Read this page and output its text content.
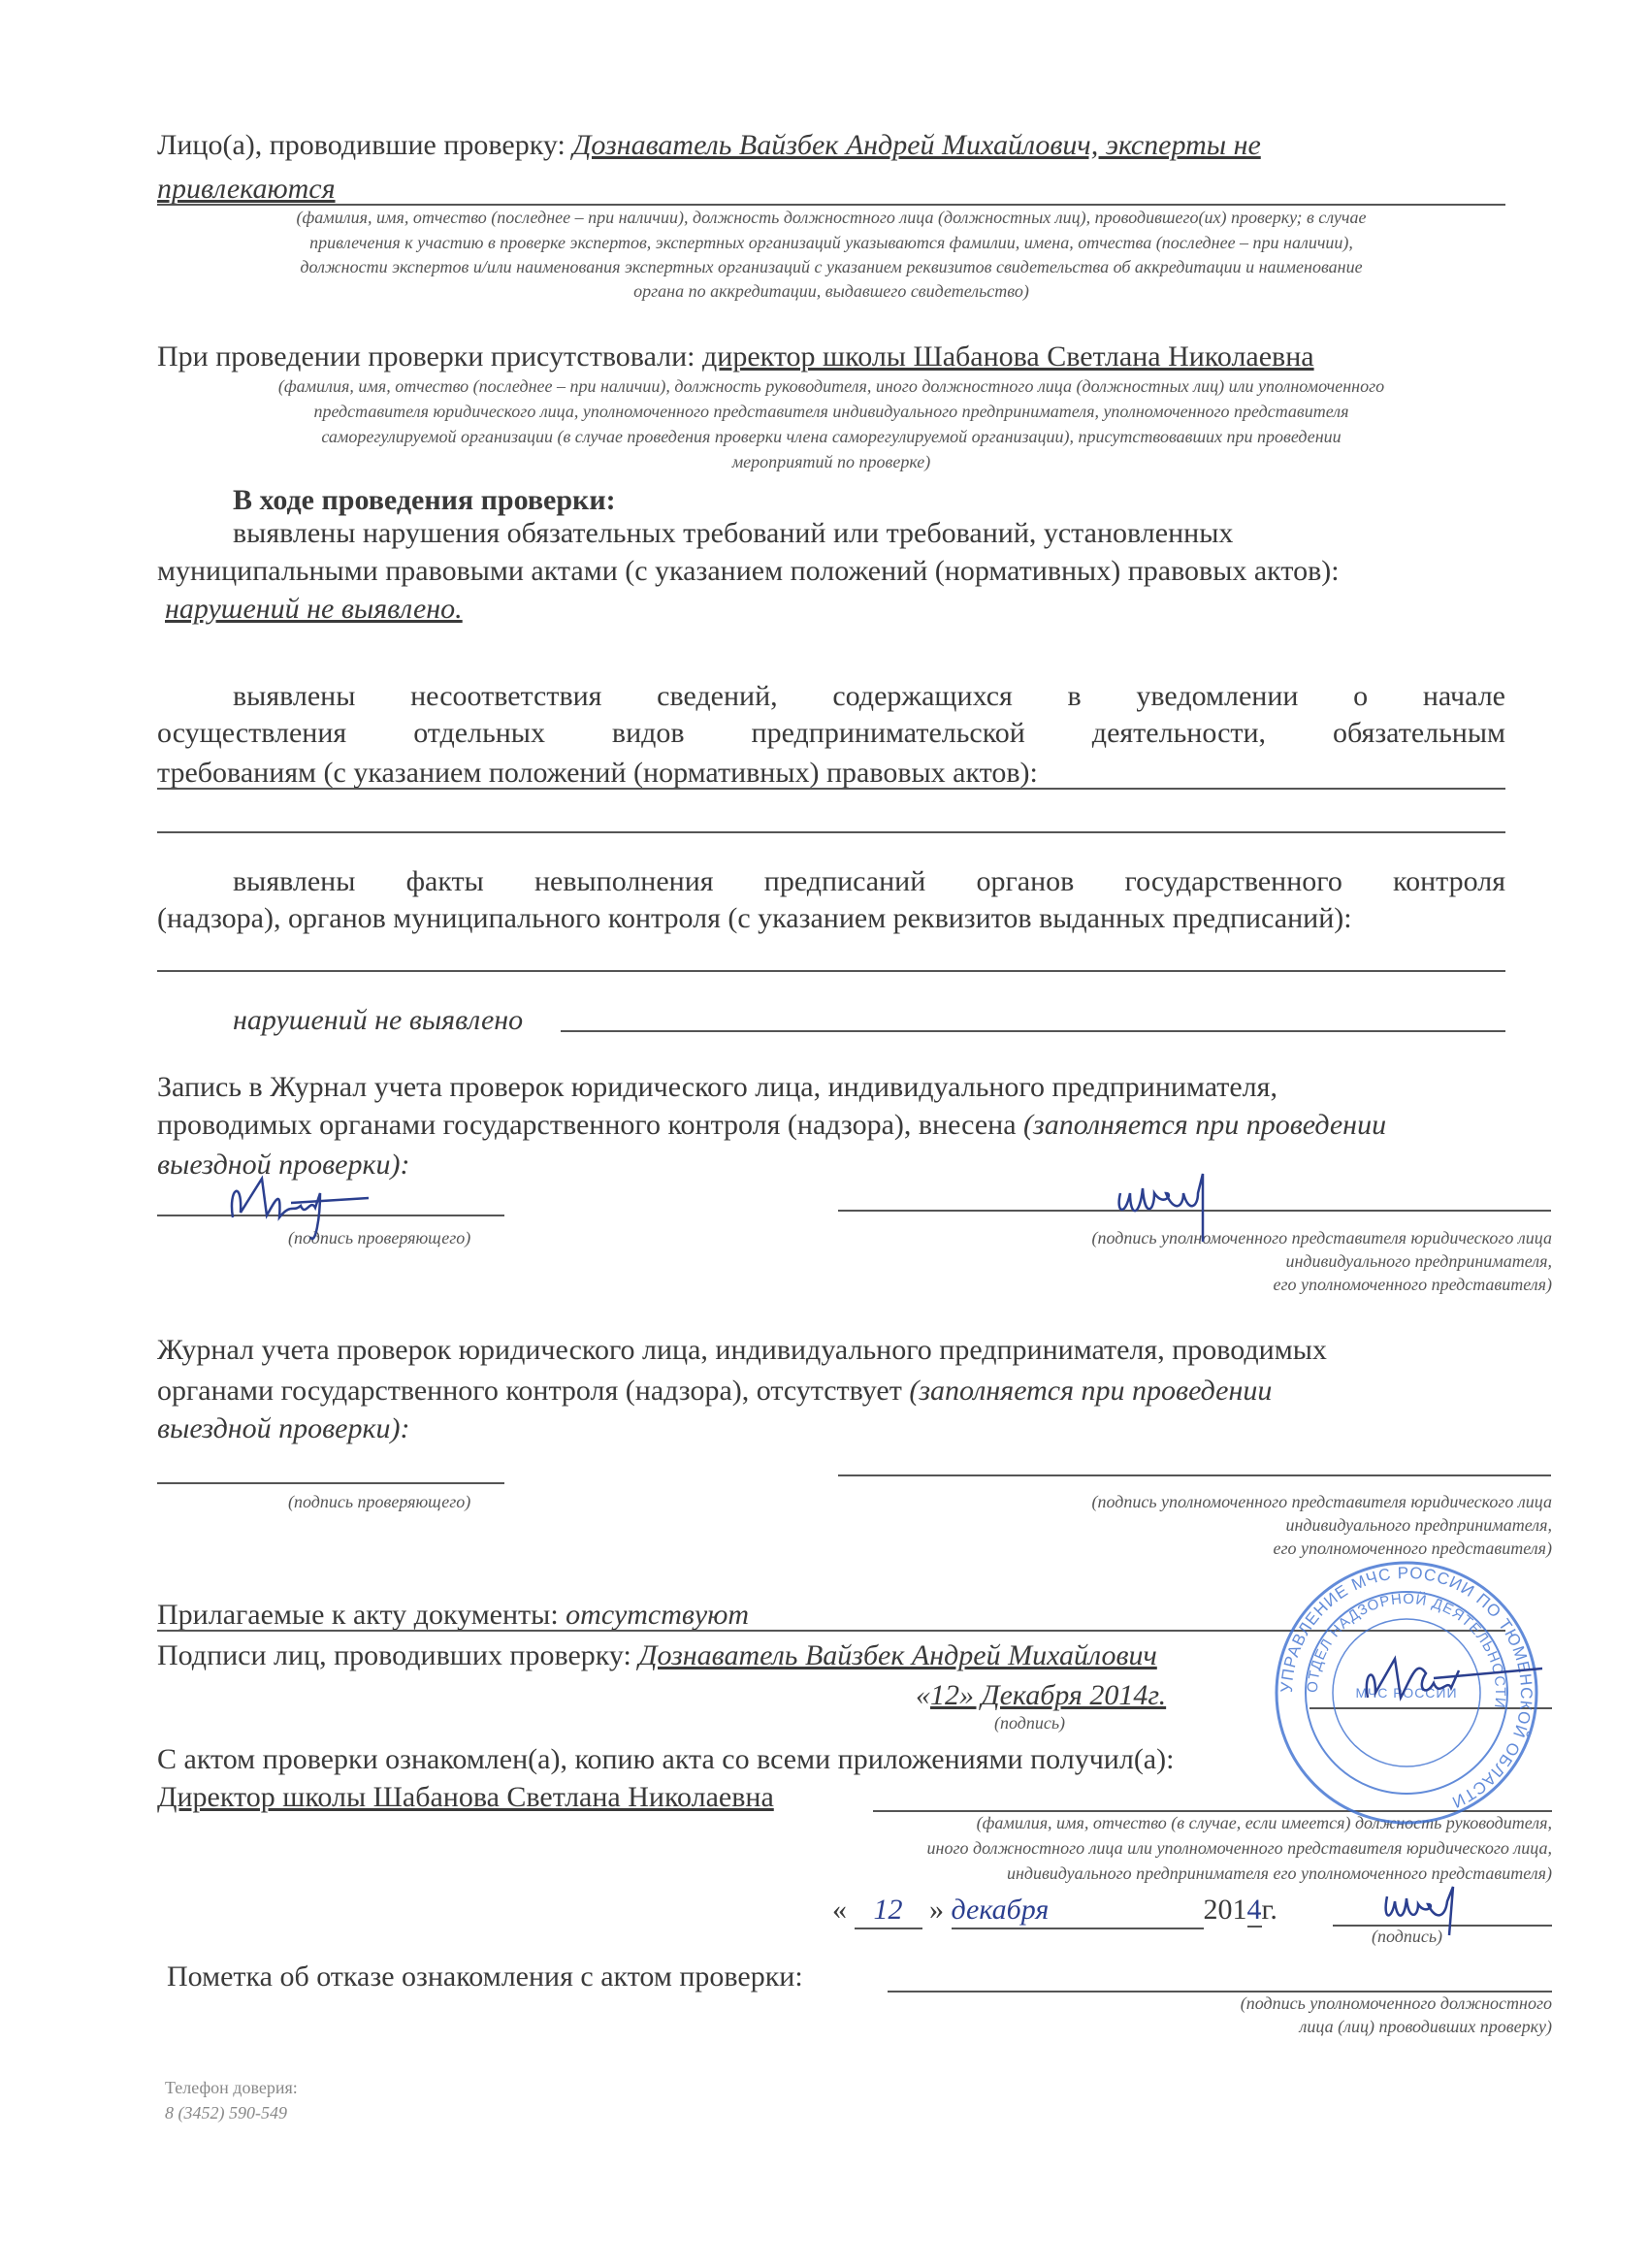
Лицо(а), проводившие проверку: Дознаватель Вайзбек Андрей Михайлович, эксперты не
привлекаются
(фамилия, имя, отчество (последнее – при наличии), должность должностного лица (должностных лиц), проводившего(их) проверку; в случае
привлечения к участию в проверке экспертов, экспертных организаций указываются фамилии, имена, отчества (последнее – при наличии),
должности экспертов и/или наименования экспертных организаций с указанием реквизитов свидетельства об аккредитации и наименование
органа по аккредитации, выдавшего свидетельство)
При проведении проверки присутствовали: директор школы Шабанова Светлана Николаевна
(фамилия, имя, отчество (последнее – при наличии), должность руководителя, иного должностного лица (должностных лиц) или уполномоченного
представителя юридического лица, уполномоченного представителя индивидуального предпринимателя, уполномоченного представителя
саморегулируемой организации (в случае проведения проверки члена саморегулируемой организации), присутствовавших при проведении
мероприятий по проверке)
В ходе проведения проверки:
выявлены нарушения обязательных требований или требований, установленных
муниципальными правовыми актами (с указанием положений (нормативных) правовых актов):
нарушений не выявлено.
выявлены несоответствия сведений, содержащихся в уведомлении о начале
осуществления отдельных видов предпринимательской деятельности, обязательным
требованиям (с указанием положений (нормативных) правовых актов):
выявлены факты невыполнения предписаний органов государственного контроля
(надзора), органов муниципального контроля (с указанием реквизитов выданных предписаний):
нарушений не выявлено
Запись в Журнал учета проверок юридического лица, индивидуального предпринимателя,
проводимых органами государственного контроля (надзора), внесена (заполняется при проведении
выездной проверки):
(подпись проверяющего)	(подпись уполномоченного представителя юридического лица
индивидуального предпринимателя,
его уполномоченного представителя)
Журнал учета проверок юридического лица, индивидуального предпринимателя, проводимых
органами государственного контроля (надзора), отсутствует (заполняется при проведении
выездной проверки):
(подпись проверяющего)	(подпись уполномоченного представителя юридического лица
индивидуального предпринимателя,
его уполномоченного представителя)
Прилагаемые к акту документы: отсутствуют
Подписи лиц, проводивших проверку: Дознаватель Вайзбек Андрей Михайлович
«12» Декабря 2014г.
(подпись)
С актом проверки ознакомлен(а), копию акта со всеми приложениями получил(а):
Директор школы Шабанова Светлана Николаевна
(фамилия, имя, отчество (в случае, если имеется) должность руководителя,
иного должностного лица или уполномоченного представителя юридического лица,
индивидуального предпринимателя его уполномоченного представителя)
« 12 » декабря	2014г.
(подпись)
Пометка об отказе ознакомления с актом проверки:
(подпись уполномоченного должностного
лица (лиц) проводивших проверку)
Телефон доверия:
8 (3452) 590-549
УПРАВЛЕНИЕ МЧС РОССИИ ПО ТЮМЕНСКОЙ ОБЛАСТИ
ОТДЕЛ НАДЗОРНОЙ ДЕЯТЕЛЬНОСТИ
МЧС РОССИИ
